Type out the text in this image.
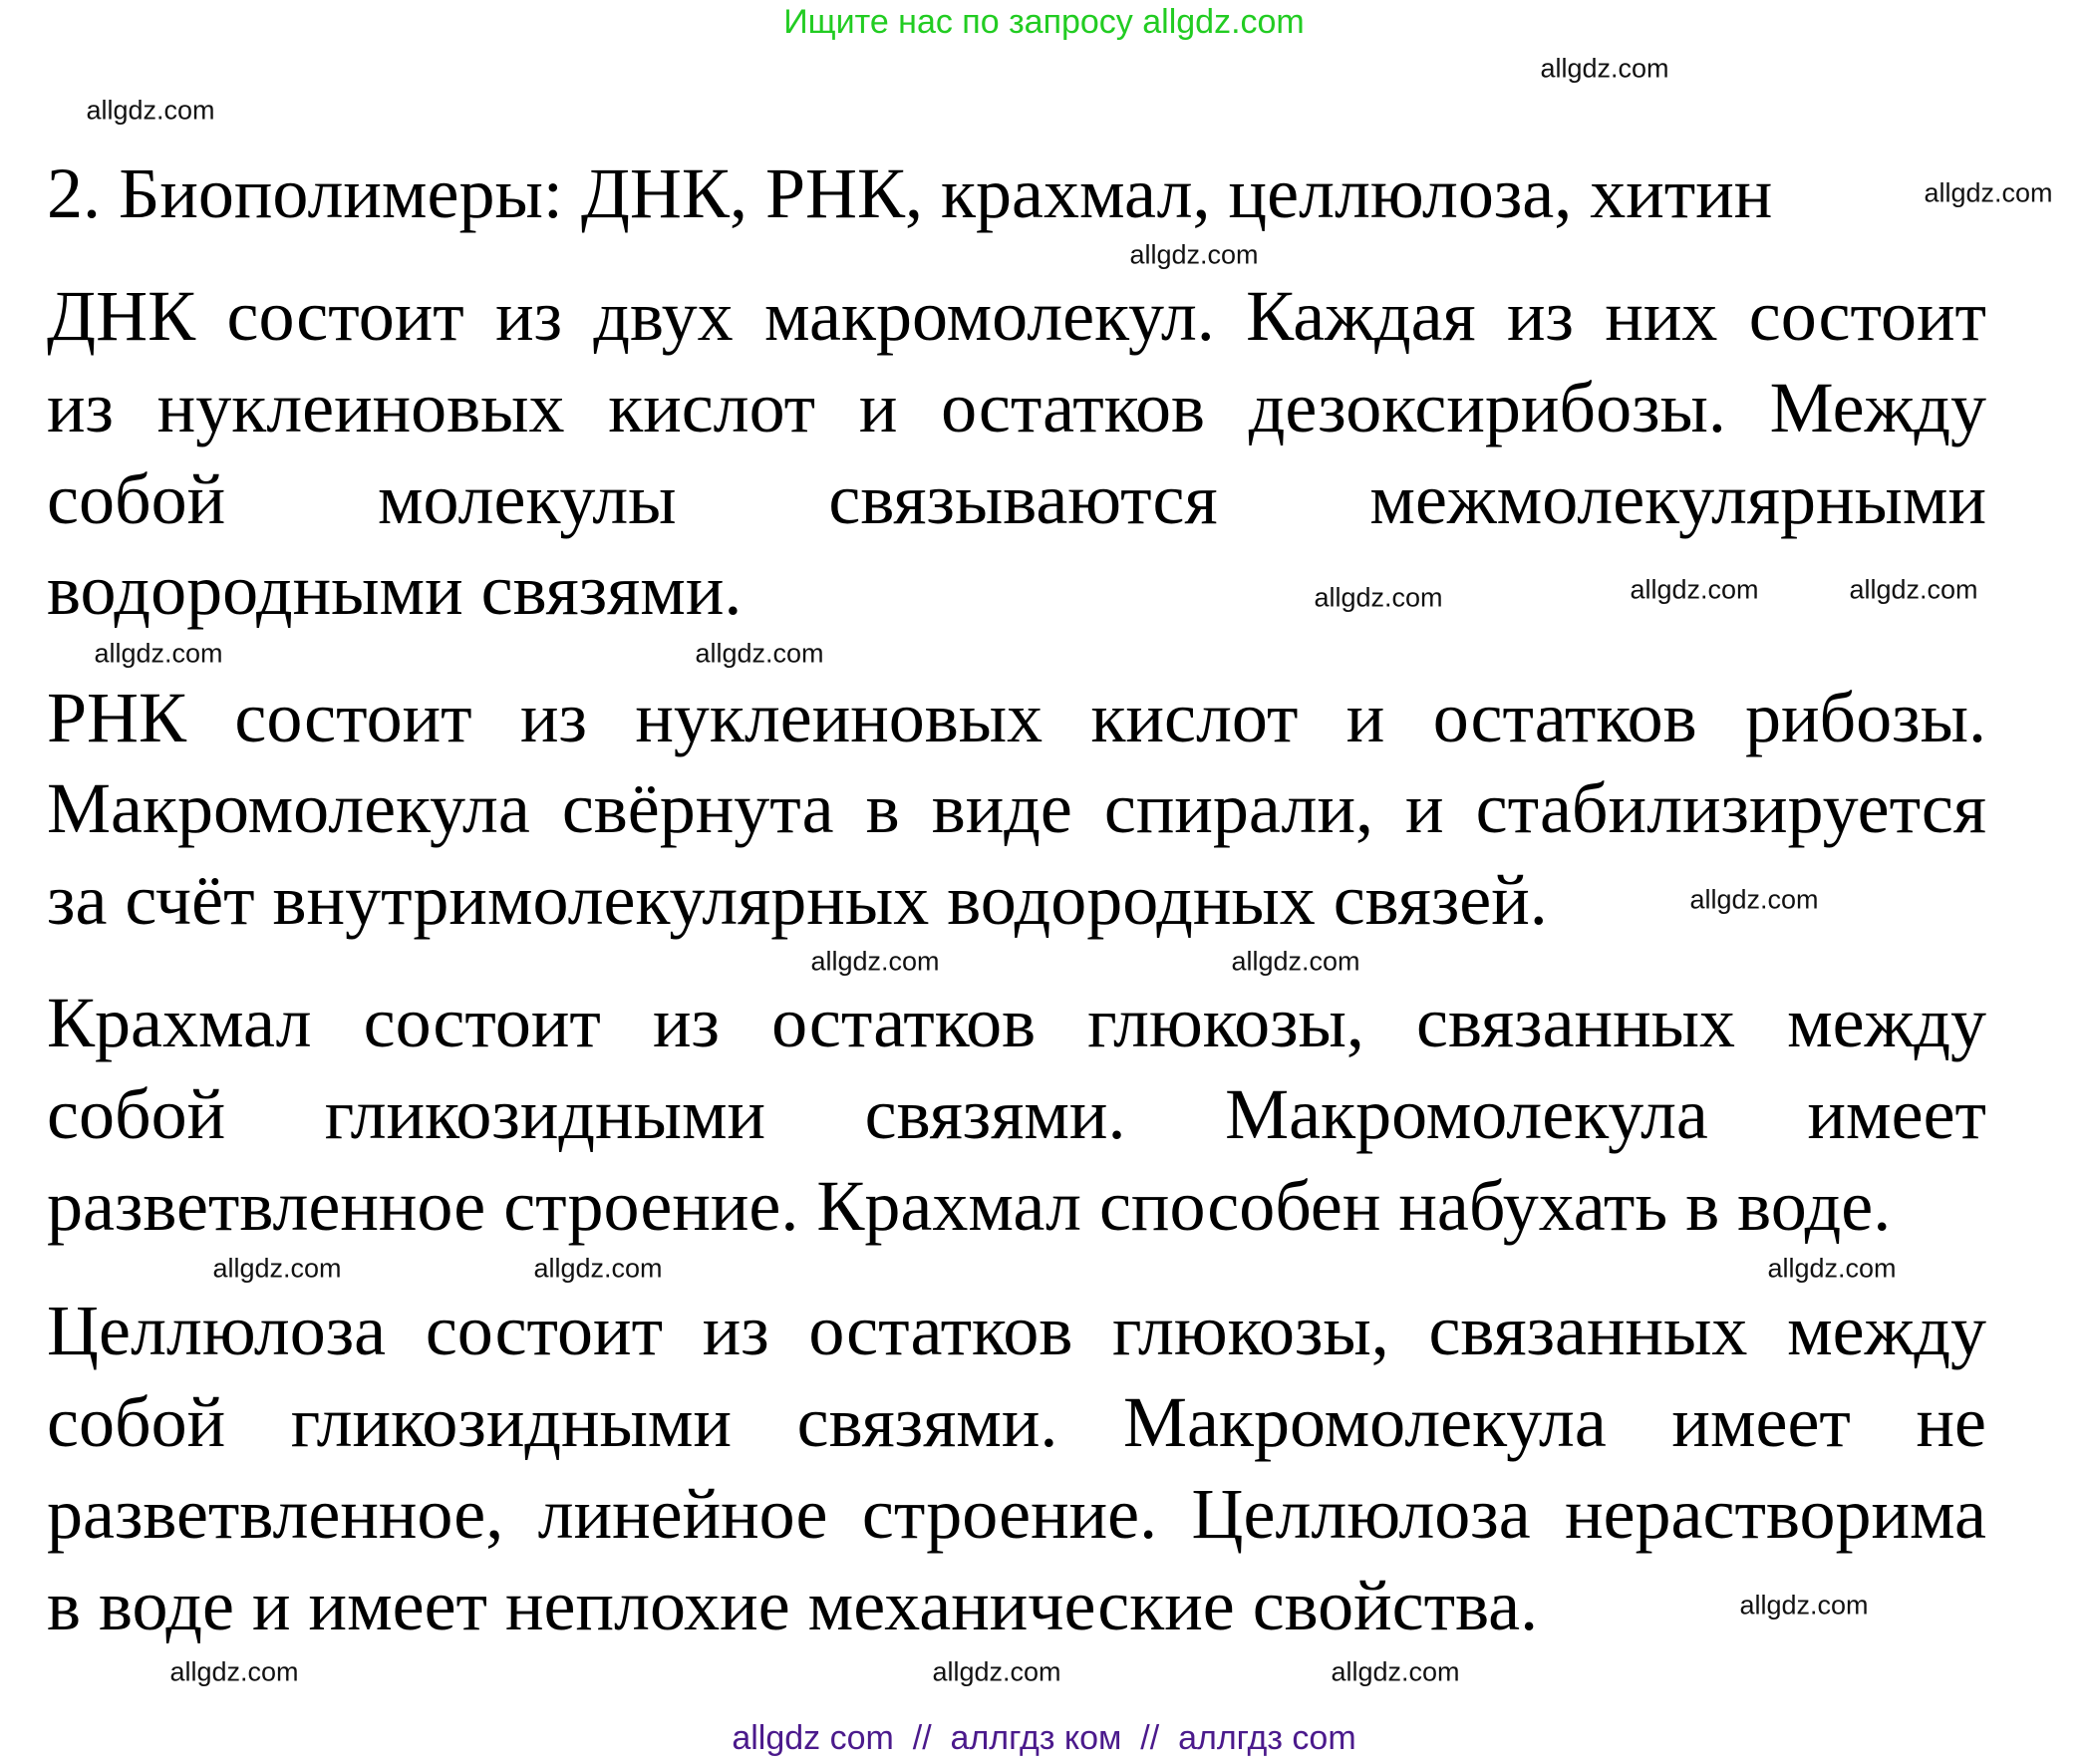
Ищите нас по запросу allgdz.com
2. Биополимеры: ДНК, РНК, крахмал, целлюлоза, хитин
ДНК состоит из двух макромолекул. Каждая из них состоит
из нуклеиновых кислот и остатков дезоксирибозы. Между
собой молекулы связываются межмолекулярными
водородными связями.
РНК состоит из нуклеиновых кислот и остатков рибозы.
Макромолекула свёрнута в виде спирали, и стабилизируется
за счёт внутримолекулярных водородных связей.
Крахмал состоит из остатков глюкозы, связанных между
собой гликозидными связями. Макромолекула имеет
разветвленное строение. Крахмал способен набухать в воде.
Целлюлоза состоит из остатков глюкозы, связанных между
собой гликозидными связями. Макромолекула имеет не
разветвленное, линейное строение. Целлюлоза нерастворима
в воде и имеет неплохие механические свойства.
allgdz.com
allgdz.com
allgdz.com
allgdz.com
allgdz.com
allgdz.com
allgdz.com
allgdz.com
allgdz.com
allgdz.com
allgdz.com
allgdz.com
allgdz.com	allgdz.com
allgdz.com
allgdz.com	allgdz.com
allgdz.com
allgdz.com
allgdz com  //  аллгдз ком  //  аллгдз com
